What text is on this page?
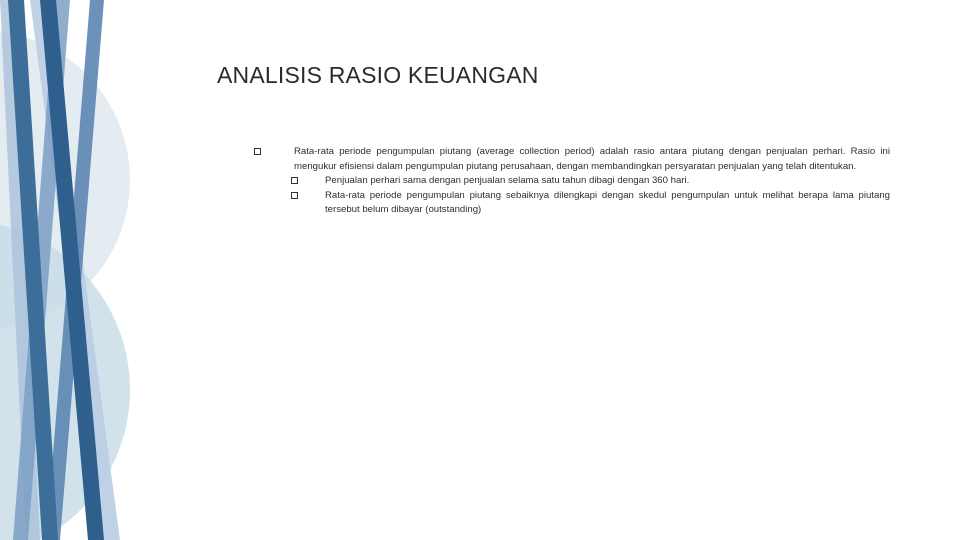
ANALISIS RASIO KEUANGAN
Rata-rata periode pengumpulan piutang (average collection period) adalah rasio antara piutang dengan penjualan perhari. Rasio ini mengukur efisiensi dalam pengumpulan piutang perusahaan, dengan membandingkan persyaratan penjualan yang telah ditentukan.
Penjualan perhari sama dengan penjualan selama satu tahun dibagi dengan 360 hari.
Rata-rata periode pengumpulan piutang sebaiknya dilengkapi dengan skedul pengumpulan untuk melihat berapa lama piutang tersebut belum dibayar (outstanding)
